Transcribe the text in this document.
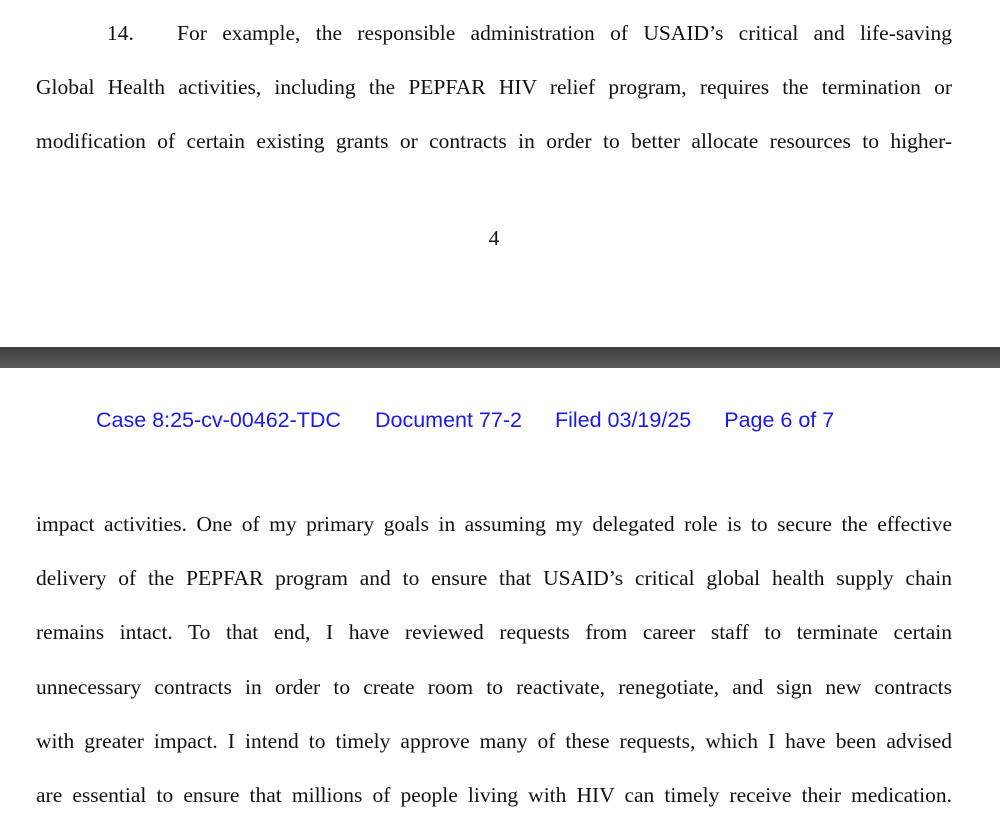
14. For example, the responsible administration of USAID’s critical and life-saving
Global Health activities, including the PEPFAR HIV relief program, requires the termination or
modification of certain existing grants or contracts in order to better allocate resources to higher-
4
Case 8:25-cv-00462-TDC Document 77-2 Filed 03/19/25 Page 6 of 7
impact activities. One of my primary goals in assuming my delegated role is to secure the effective
delivery of the PEPFAR program and to ensure that USAID’s critical global health supply chain
remains intact. To that end, I have reviewed requests from career staff to terminate certain
unnecessary contracts in order to create room to reactivate, renegotiate, and sign new contracts
with greater impact. I intend to timely approve many of these requests, which I have been advised
are essential to ensure that millions of people living with HIV can timely receive their medication.
